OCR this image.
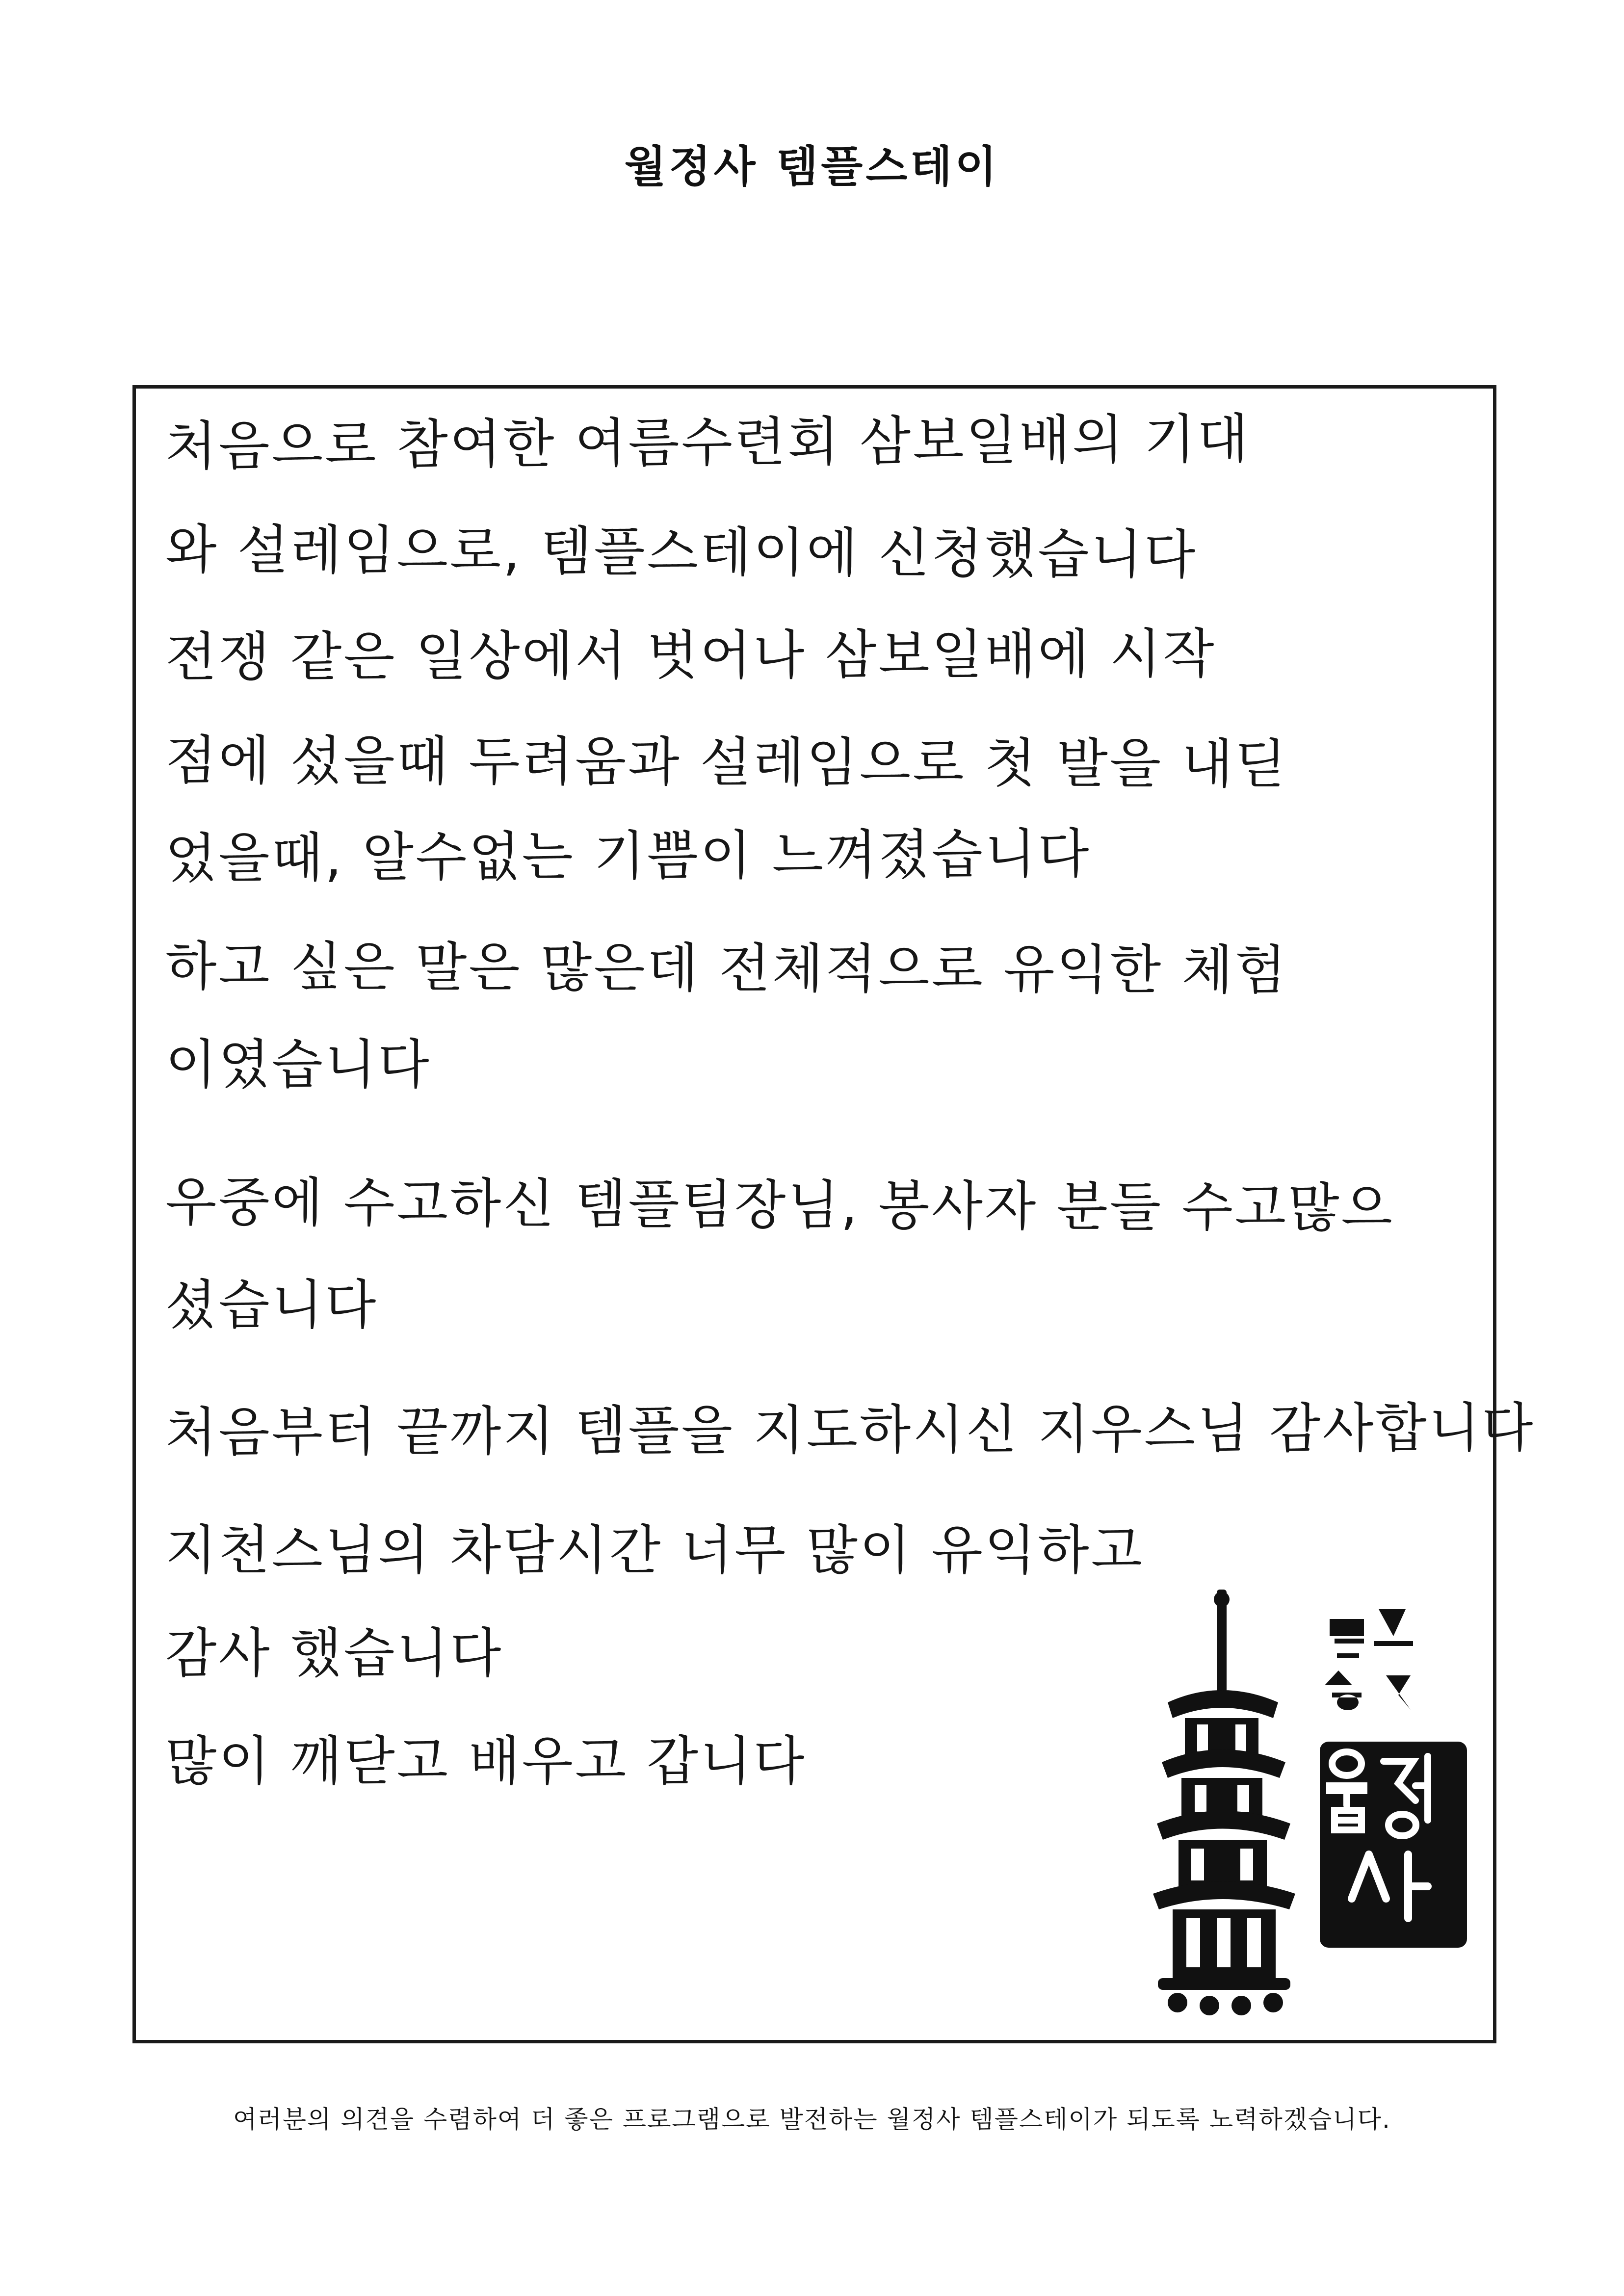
월정사 템플스테이
처음으로 참여한 여름수련회 삼보일배의 기대
와 설레임으로, 템플스테이에 신청했습니다
전쟁 같은 일상에서 벗어나 삼보일배에 시작
점에 섰을때 두려움과 설레임으로 첫 발을 내딛
었을때, 알수없는 기쁨이 느껴졌습니다
하고 싶은 말은 많은데 전체적으로 유익한 체험
이였습니다
우중에 수고하신 템플팀장님, 봉사자 분들 수고많으
셨습니다
처음부터 끝까지 템플을 지도하시신 지우스님 감사합니다
지천스님의 차담시간 너무 많이 유익하고
감사 했습니다
많이 깨닫고 배우고 갑니다
여러분의 의견을 수렴하여 더 좋은 프로그램으로 발전하는 월정사 템플스테이가 되도록 노력하겠습니다.
